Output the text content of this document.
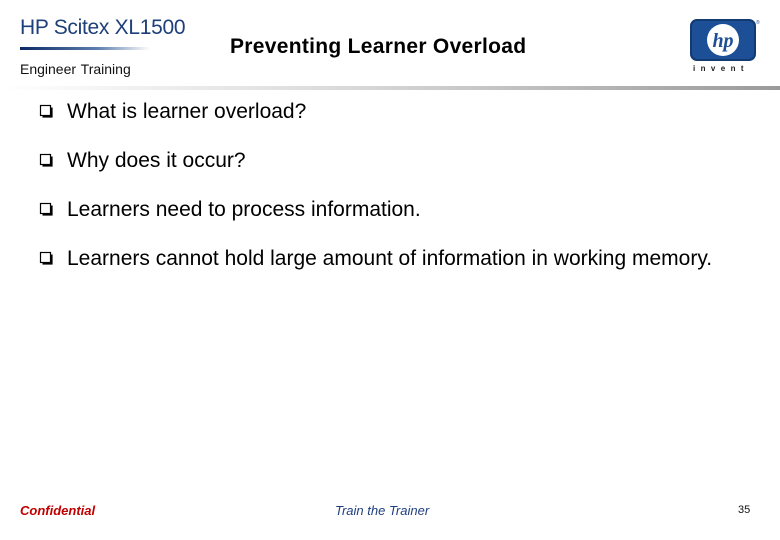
HP Scitex XL1500
Engineer Training
Preventing Learner Overload	hp
®
invent
What is learner overload?
Why does it occur?
Learners need to process information.
Learners cannot hold large amount of information in working memory.
Confidential	Train the Trainer	35
